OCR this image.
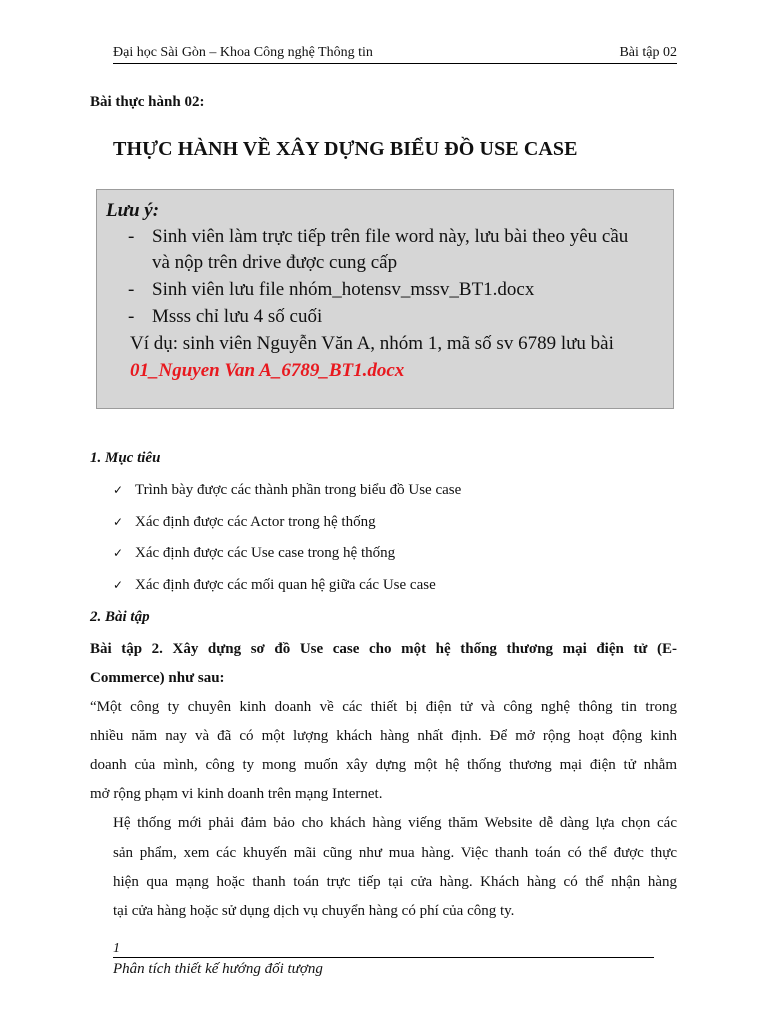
Đại học Sài Gòn – Khoa Công nghệ Thông tin	Bài tập 02
Bài thực hành 02:
THỰC HÀNH VỀ XÂY DỰNG BIỂU ĐỒ USE CASE
Lưu ý:
- Sinh viên làm trực tiếp trên file word này, lưu bài theo yêu cầu
và nộp trên drive được cung cấp
- Sinh viên lưu file nhóm_hotensv_mssv_BT1.docx
- Msss chỉ lưu 4 số cuối
Ví dụ: sinh viên Nguyễn Văn A, nhóm 1, mã số sv 6789 lưu bài
01_Nguyen Van A_6789_BT1.docx
1. Mục tiêu
✓ Trình bày được các thành phần trong biểu đồ Use case
✓ Xác định được các Actor trong hệ thống
✓ Xác định được các Use case trong hệ thống
✓ Xác định được các mối quan hệ giữa các Use case
2. Bài tập
Bài tập 2. Xây dựng sơ đồ Use case cho một hệ thống thương mại điện tử (E-
Commerce) như sau:
“Một công ty chuyên kinh doanh về các thiết bị điện tử và công nghệ thông tin trong
nhiều năm nay và đã có một lượng khách hàng nhất định. Để mở rộng hoạt động kinh
doanh của mình, công ty mong muốn xây dựng một hệ thống thương mại điện tử nhằm
mở rộng phạm vi kinh doanh trên mạng Internet.
Hệ thống mới phải đảm bảo cho khách hàng viếng thăm Website dễ dàng lựa chọn các
sản phẩm, xem các khuyến mãi cũng như mua hàng. Việc thanh toán có thể được thực
hiện qua mạng hoặc thanh toán trực tiếp tại cửa hàng. Khách hàng có thể nhận hàng
tại cửa hàng hoặc sử dụng dịch vụ chuyển hàng có phí của công ty.
1
Phân tích thiết kế hướng đối tượng
